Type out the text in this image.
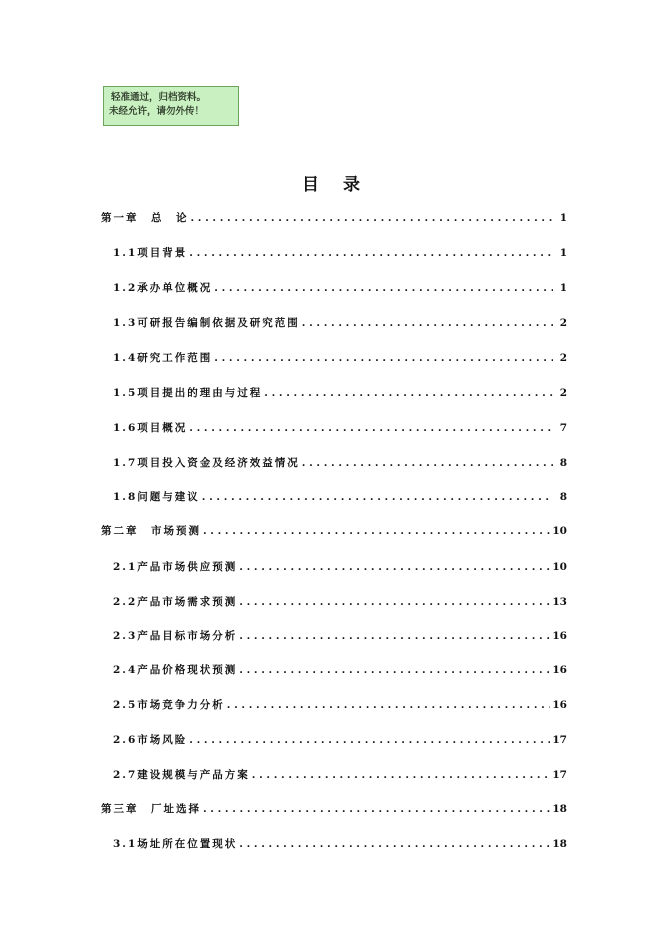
轻准通过，归档资料。

未经允许，请勿外传！
目 录
第一章　总　论 . . .	1
1.1项目背景 . . .	1
1.2承办单位概况 . . .	1
1.3可研报告编制依据及研究范围 . . .	2
1.4研究工作范围 . . .	2
1.5项目提出的理由与过程 . . .	2
1.6项目概况 . . .	7
1.7项目投入资金及经济效益情况 . . .	8
1.8问题与建议 . . .	8
第二章　市场预测 . . .	10
2.1产品市场供应预测 . . .	10
2.2产品市场需求预测 . . .	13
2.3产品目标市场分析 . . .	16
2.4产品价格现状预测 . . .	16
2.5市场竞争力分析 . . .	16
2.6市场风险 . . .	17
2.7建设规模与产品方案 . . .	17
第三章　厂址选择 . . .	18
3.1场址所在位置现状 . . .	18
